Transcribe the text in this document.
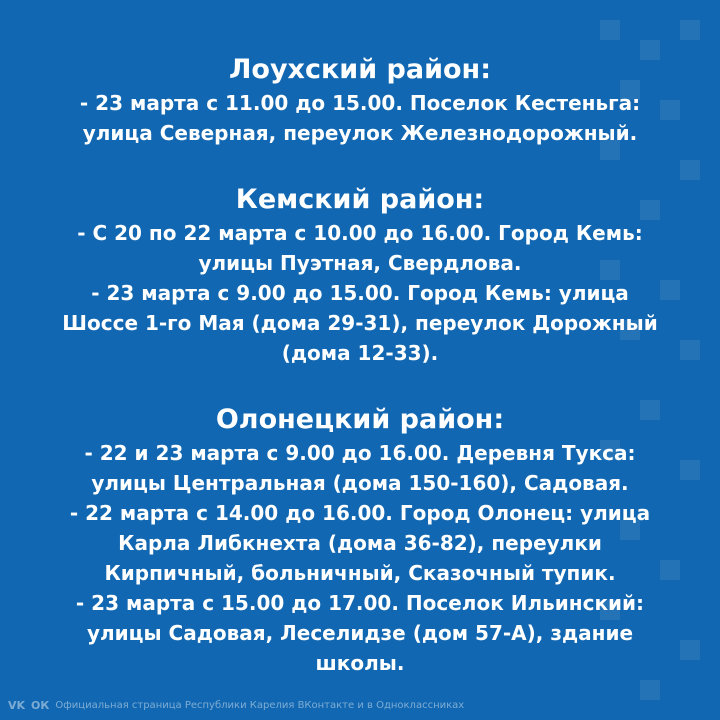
Лоухский район:

- 23 марта с 11.00 до 15.00. Поселок Кестеньга:

улица Северная, переулок Железнодорожный.

Кемский район:

- С 20 по 22 марта с 10.00 до 16.00. Город Кемь:

улицы Пуэтная, Свердлова.

- 23 марта с 9.00 до 15.00. Город Кемь: улица

Шоссе 1-го Мая (дома 29-31), переулок Дорожный

(дома 12-33).

Олонецкий район:

- 22 и 23 марта с 9.00 до 16.00. Деревня Тукса:

улицы Центральная (дома 150-160), Садовая.

- 22 марта с 14.00 до 16.00. Город Олонец: улица

Карла Либкнехта (дома 36-82), переулки

Кирпичный, больничный, Сказочный тупик.

- 23 марта с 15.00 до 17.00. Поселок Ильинский:

улицы Садовая, Леселидзе (дом 57-А), здание

школы.

VK ОК Официальная страница Республики Карелия ВКонтакте и в Одноклассниках
